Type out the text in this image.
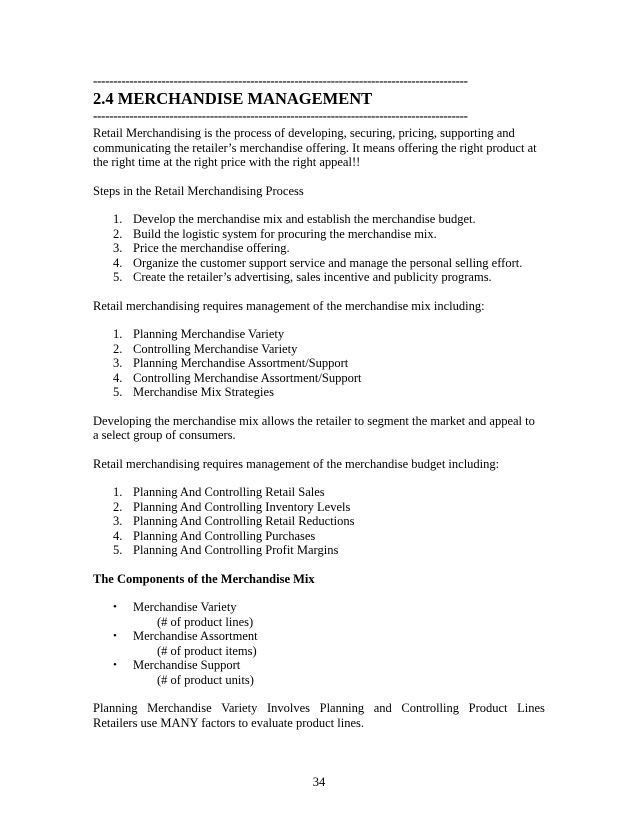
---------------------------------------------------------------------------------------------
2.4 MERCHANDISE MANAGEMENT
---------------------------------------------------------------------------------------------
Retail Merchandising is the process of developing, securing, pricing, supporting and
communicating the retailer’s merchandise offering. It means offering the right product at
the right time at the right price with the right appeal!!
Steps in the Retail Merchandising Process
1. Develop the merchandise mix and establish the merchandise budget.
2. Build the logistic system for procuring the merchandise mix.
3. Price the merchandise offering.
4. Organize the customer support service and manage the personal selling effort.
5. Create the retailer’s advertising, sales incentive and publicity programs.
Retail merchandising requires management of the merchandise mix including:
1. Planning Merchandise Variety
2. Controlling Merchandise Variety
3. Planning Merchandise Assortment/Support
4. Controlling Merchandise Assortment/Support
5. Merchandise Mix Strategies
Developing the merchandise mix allows the retailer to segment the market and appeal to
a select group of consumers.
Retail merchandising requires management of the merchandise budget including:
1. Planning And Controlling Retail Sales
2. Planning And Controlling Inventory Levels
3. Planning And Controlling Retail Reductions
4. Planning And Controlling Purchases
5. Planning And Controlling Profit Margins
The Components of the Merchandise Mix
•	Merchandise Variety
(# of product lines)
•	Merchandise Assortment
(# of product items)
•	Merchandise Support
(# of product units)
Planning Merchandise Variety Involves Planning and Controlling Product Lines
Retailers use MANY factors to evaluate product lines.
34
